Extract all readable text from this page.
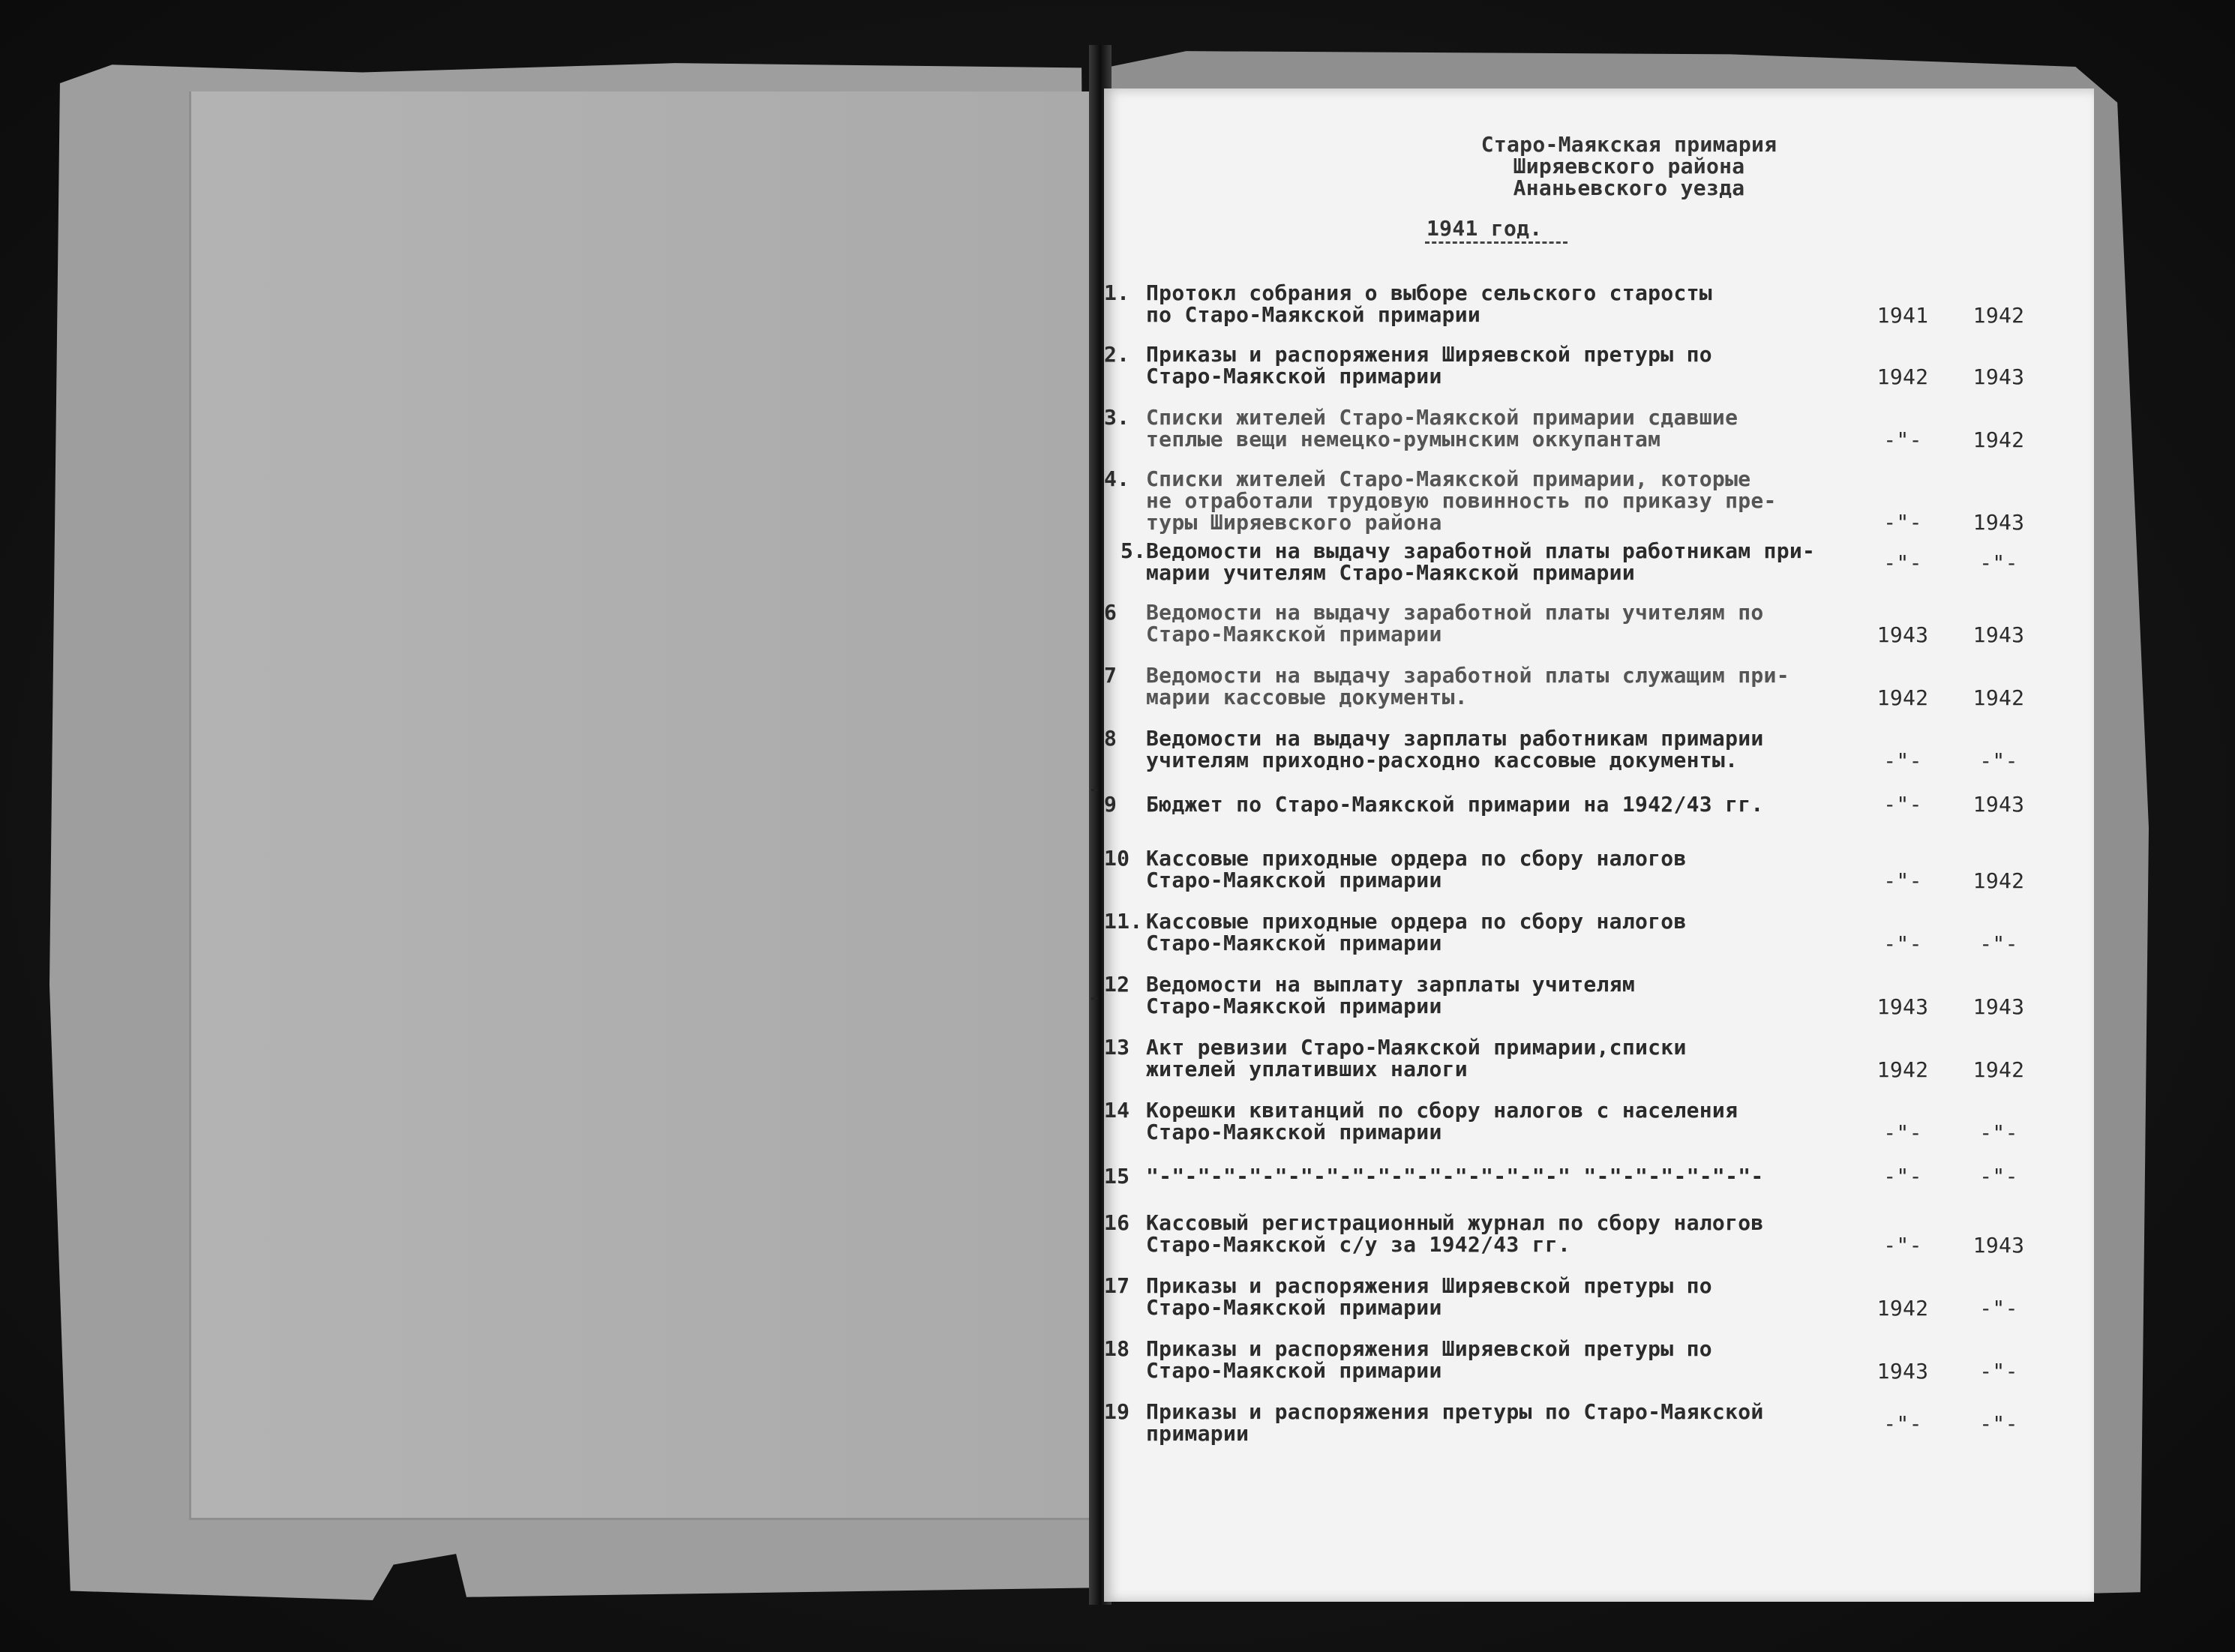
Старо-Маякская примария
Ширяевского района
Ананьевского уезда
1941 год.
1. Протокл собрания о выборе сельского старосты
по Старо-Маякской примарии	1941	1942
2. Приказы и распоряжения Ширяевской претуры по
Старо-Маякской примарии	1942	1943
3. Списки жителей Старо-Маякской примарии сдавшие
теплые вещи немецко-румынским оккупантам	-"-	1942
4. Списки жителей Старо-Маякской примарии, которые
не отработали трудовую повинность по приказу пре-
туры Ширяевского района	-"-	1943
5. Ведомости на выдачу заработной платы работникам при-
марии учителям Старо-Маякской примарии	-"-	-"-
6	Ведомости на выдачу заработной платы учителям по
Старо-Маякской примарии	1943	1943
7	Ведомости на выдачу заработной платы служащим при-
марии кассовые документы.	1942	1942
8	Ведомости на выдачу зарплаты работникам примарии
учителям приходно-расходно кассовые документы.	-"-	-"-
9	Бюджет по Старо-Маякской примарии на 1942/43 гг.	-"-	1943
10 Кассовые приходные ордера по сбору налогов
Старо-Маякской примарии	-"-	1942
11. Кассовые приходные ордера по сбору налогов
Старо-Маякской примарии	-"-	-"-
12 Ведомости на выплату зарплаты учителям
Старо-Маякской примарии	1943	1943
13 Акт ревизии Старо-Маякской примарии,списки
жителей уплативших налоги	1942	1942
14 Корешки квитанций по сбору налогов с населения
Старо-Маякской примарии	-"-	-"-
15 "-"-"-"-"-"-"-"-"-"-"-"-"-"-"-"-" "-"-"-"-"-"-"-	-"-	-"-
16 Кассовый регистрационный журнал по сбору налогов
Старо-Маякской с/у за 1942/43 гг.	-"-	1943
17 Приказы и распоряжения Ширяевской претуры по
Старо-Маякской примарии	1942	-"-
18 Приказы и распоряжения Ширяевской претуры по
Старо-Маякской примарии	1943	-"-
19 Приказы и распоряжения претуры по Старо-Маякской
примарии	-"-	-"-
